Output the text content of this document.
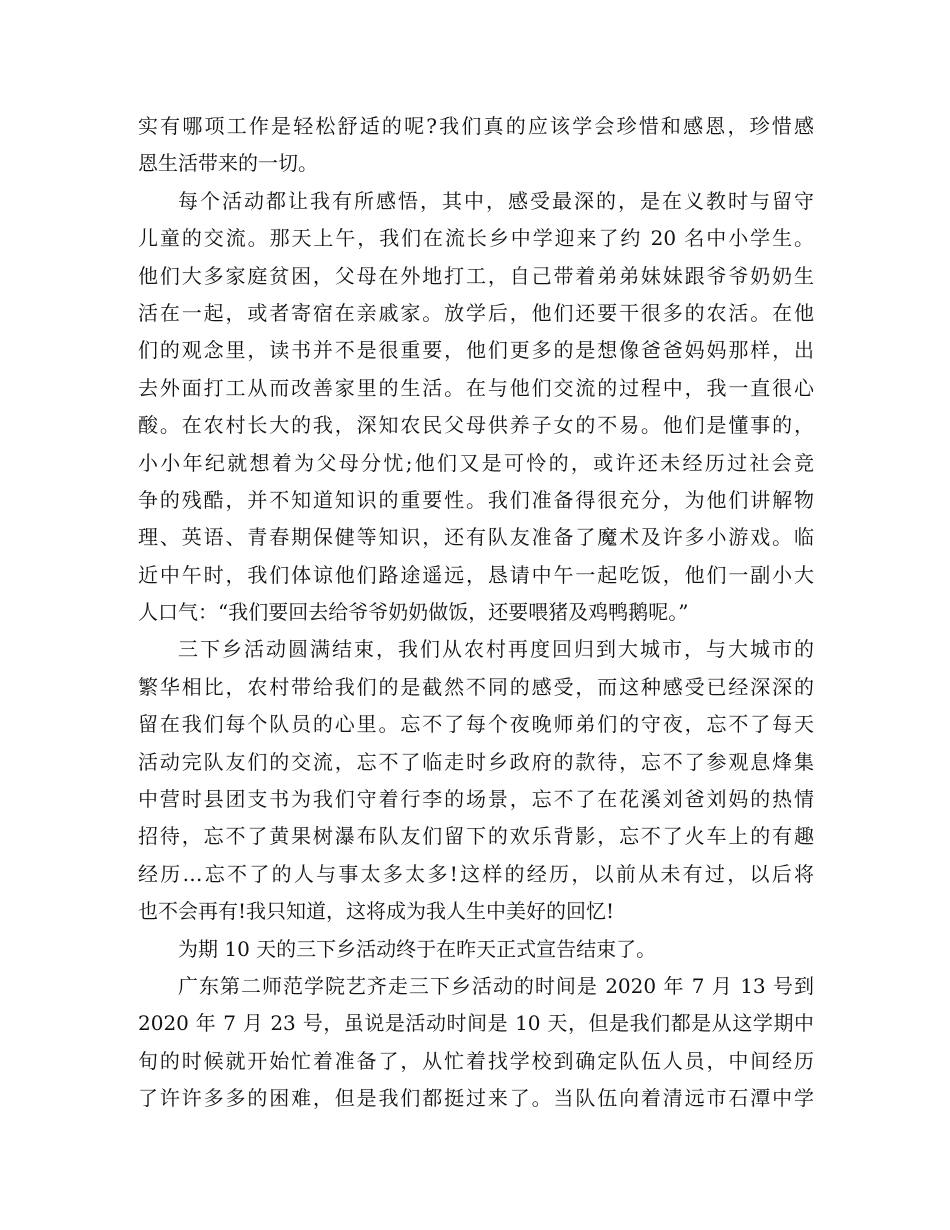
实有哪项工作是轻松舒适的呢?我们真的应该学会珍惜和感恩，珍惜感
恩生活带来的一切。
每个活动都让我有所感悟，其中，感受最深的，是在义教时与留守
儿童的交流。那天上午，我们在流长乡中学迎来了约 20 名中小学生。
他们大多家庭贫困，父母在外地打工，自己带着弟弟妹妹跟爷爷奶奶生
活在一起，或者寄宿在亲戚家。放学后，他们还要干很多的农活。在他
们的观念里，读书并不是很重要，他们更多的是想像爸爸妈妈那样，出
去外面打工从而改善家里的生活。在与他们交流的过程中，我一直很心
酸。在农村长大的我，深知农民父母供养子女的不易。他们是懂事的，
小小年纪就想着为父母分忧;他们又是可怜的，或许还未经历过社会竞
争的残酷，并不知道知识的重要性。我们准备得很充分，为他们讲解物
理、英语、青春期保健等知识，还有队友准备了魔术及许多小游戏。临
近中午时，我们体谅他们路途遥远，恳请中午一起吃饭，他们一副小大
人口气：“我们要回去给爷爷奶奶做饭，还要喂猪及鸡鸭鹅呢。”
三下乡活动圆满结束，我们从农村再度回归到大城市，与大城市的
繁华相比，农村带给我们的是截然不同的感受，而这种感受已经深深的
留在我们每个队员的心里。忘不了每个夜晚师弟们的守夜，忘不了每天
活动完队友们的交流，忘不了临走时乡政府的款待，忘不了参观息烽集
中营时县团支书为我们守着行李的场景，忘不了在花溪刘爸刘妈的热情
招待，忘不了黄果树瀑布队友们留下的欢乐背影，忘不了火车上的有趣
经历…忘不了的人与事太多太多!这样的经历，以前从未有过，以后将
也不会再有!我只知道，这将成为我人生中美好的回忆!
为期 10 天的三下乡活动终于在昨天正式宣告结束了。
广东第二师范学院艺齐走三下乡活动的时间是 2020 年 7 月 13 号到
2020 年 7 月 23 号，虽说是活动时间是 10 天，但是我们都是从这学期中
旬的时候就开始忙着准备了，从忙着找学校到确定队伍人员，中间经历
了许许多多的困难，但是我们都挺过来了。当队伍向着清远市石潭中学
